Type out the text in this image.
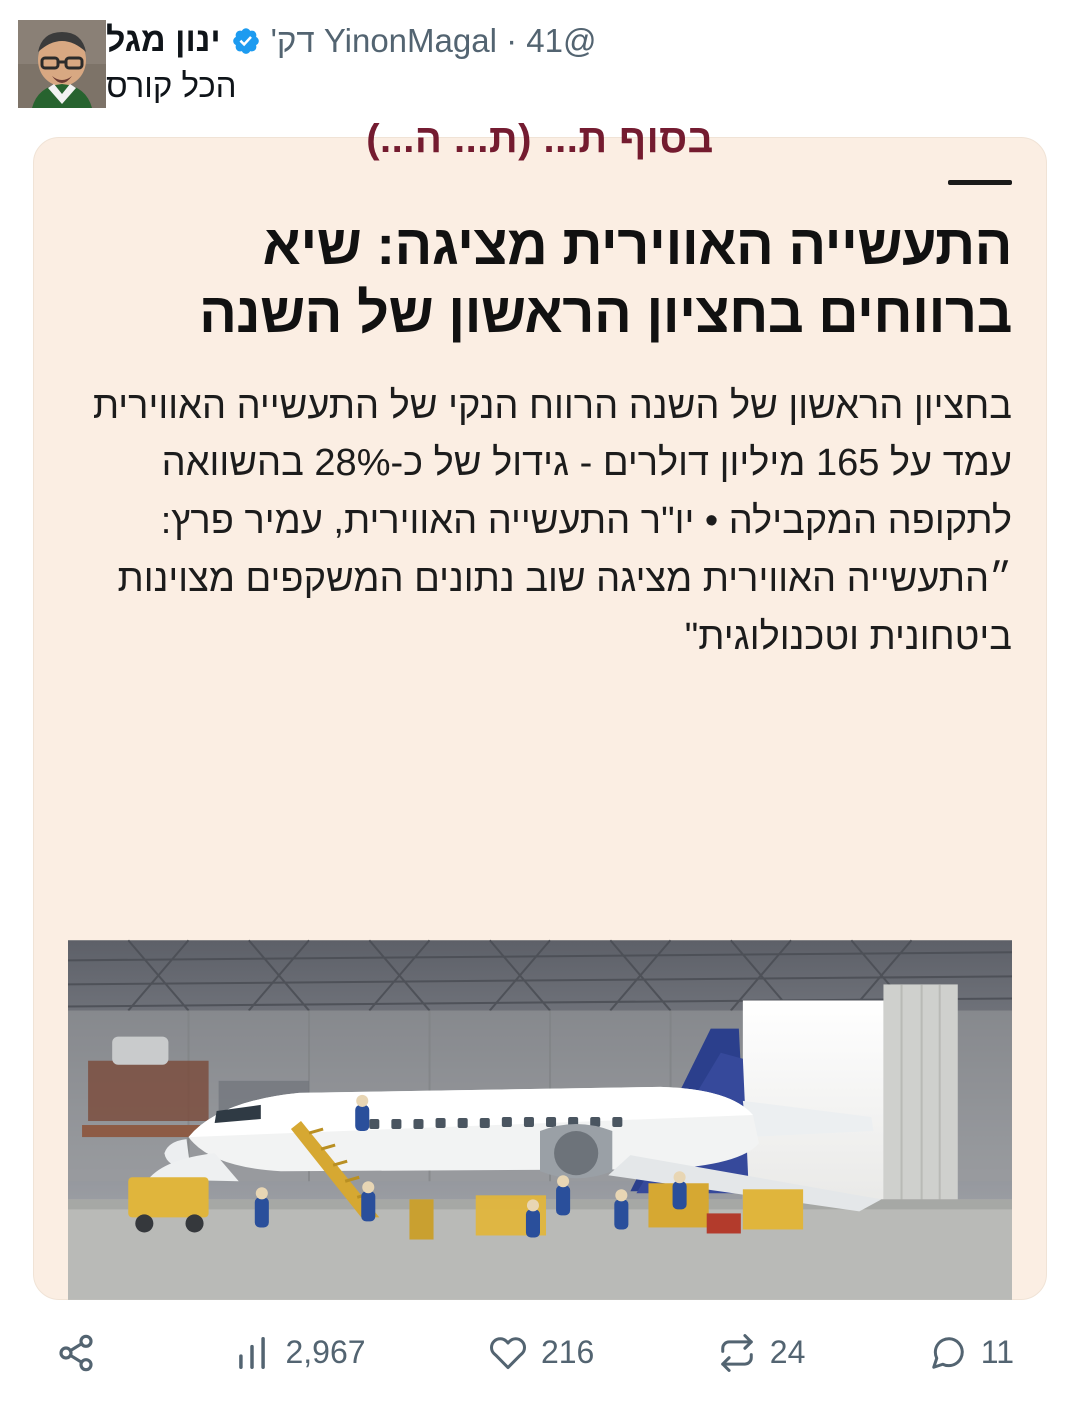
ינון מגל @YinonMagal · 41 דק'
הכל קורס
בסוף ת... (ת... ה...)
התעשייה האווירית מציגה: שיא ברווחים בחציון הראשון של השנה

בחציון הראשון של השנה הרווח הנקי של התעשייה האווירית עמד על 165 מיליון דולרים - גידול של כ-28% בהשוואה לתקופה המקבילה • יו"ר התעשייה האווירית, עמיר פרץ: ״התעשייה האווירית מציגה שוב נתונים המשקפים מצוינות ביטחונית וטכנולוגית"

11
24
216
2,967
